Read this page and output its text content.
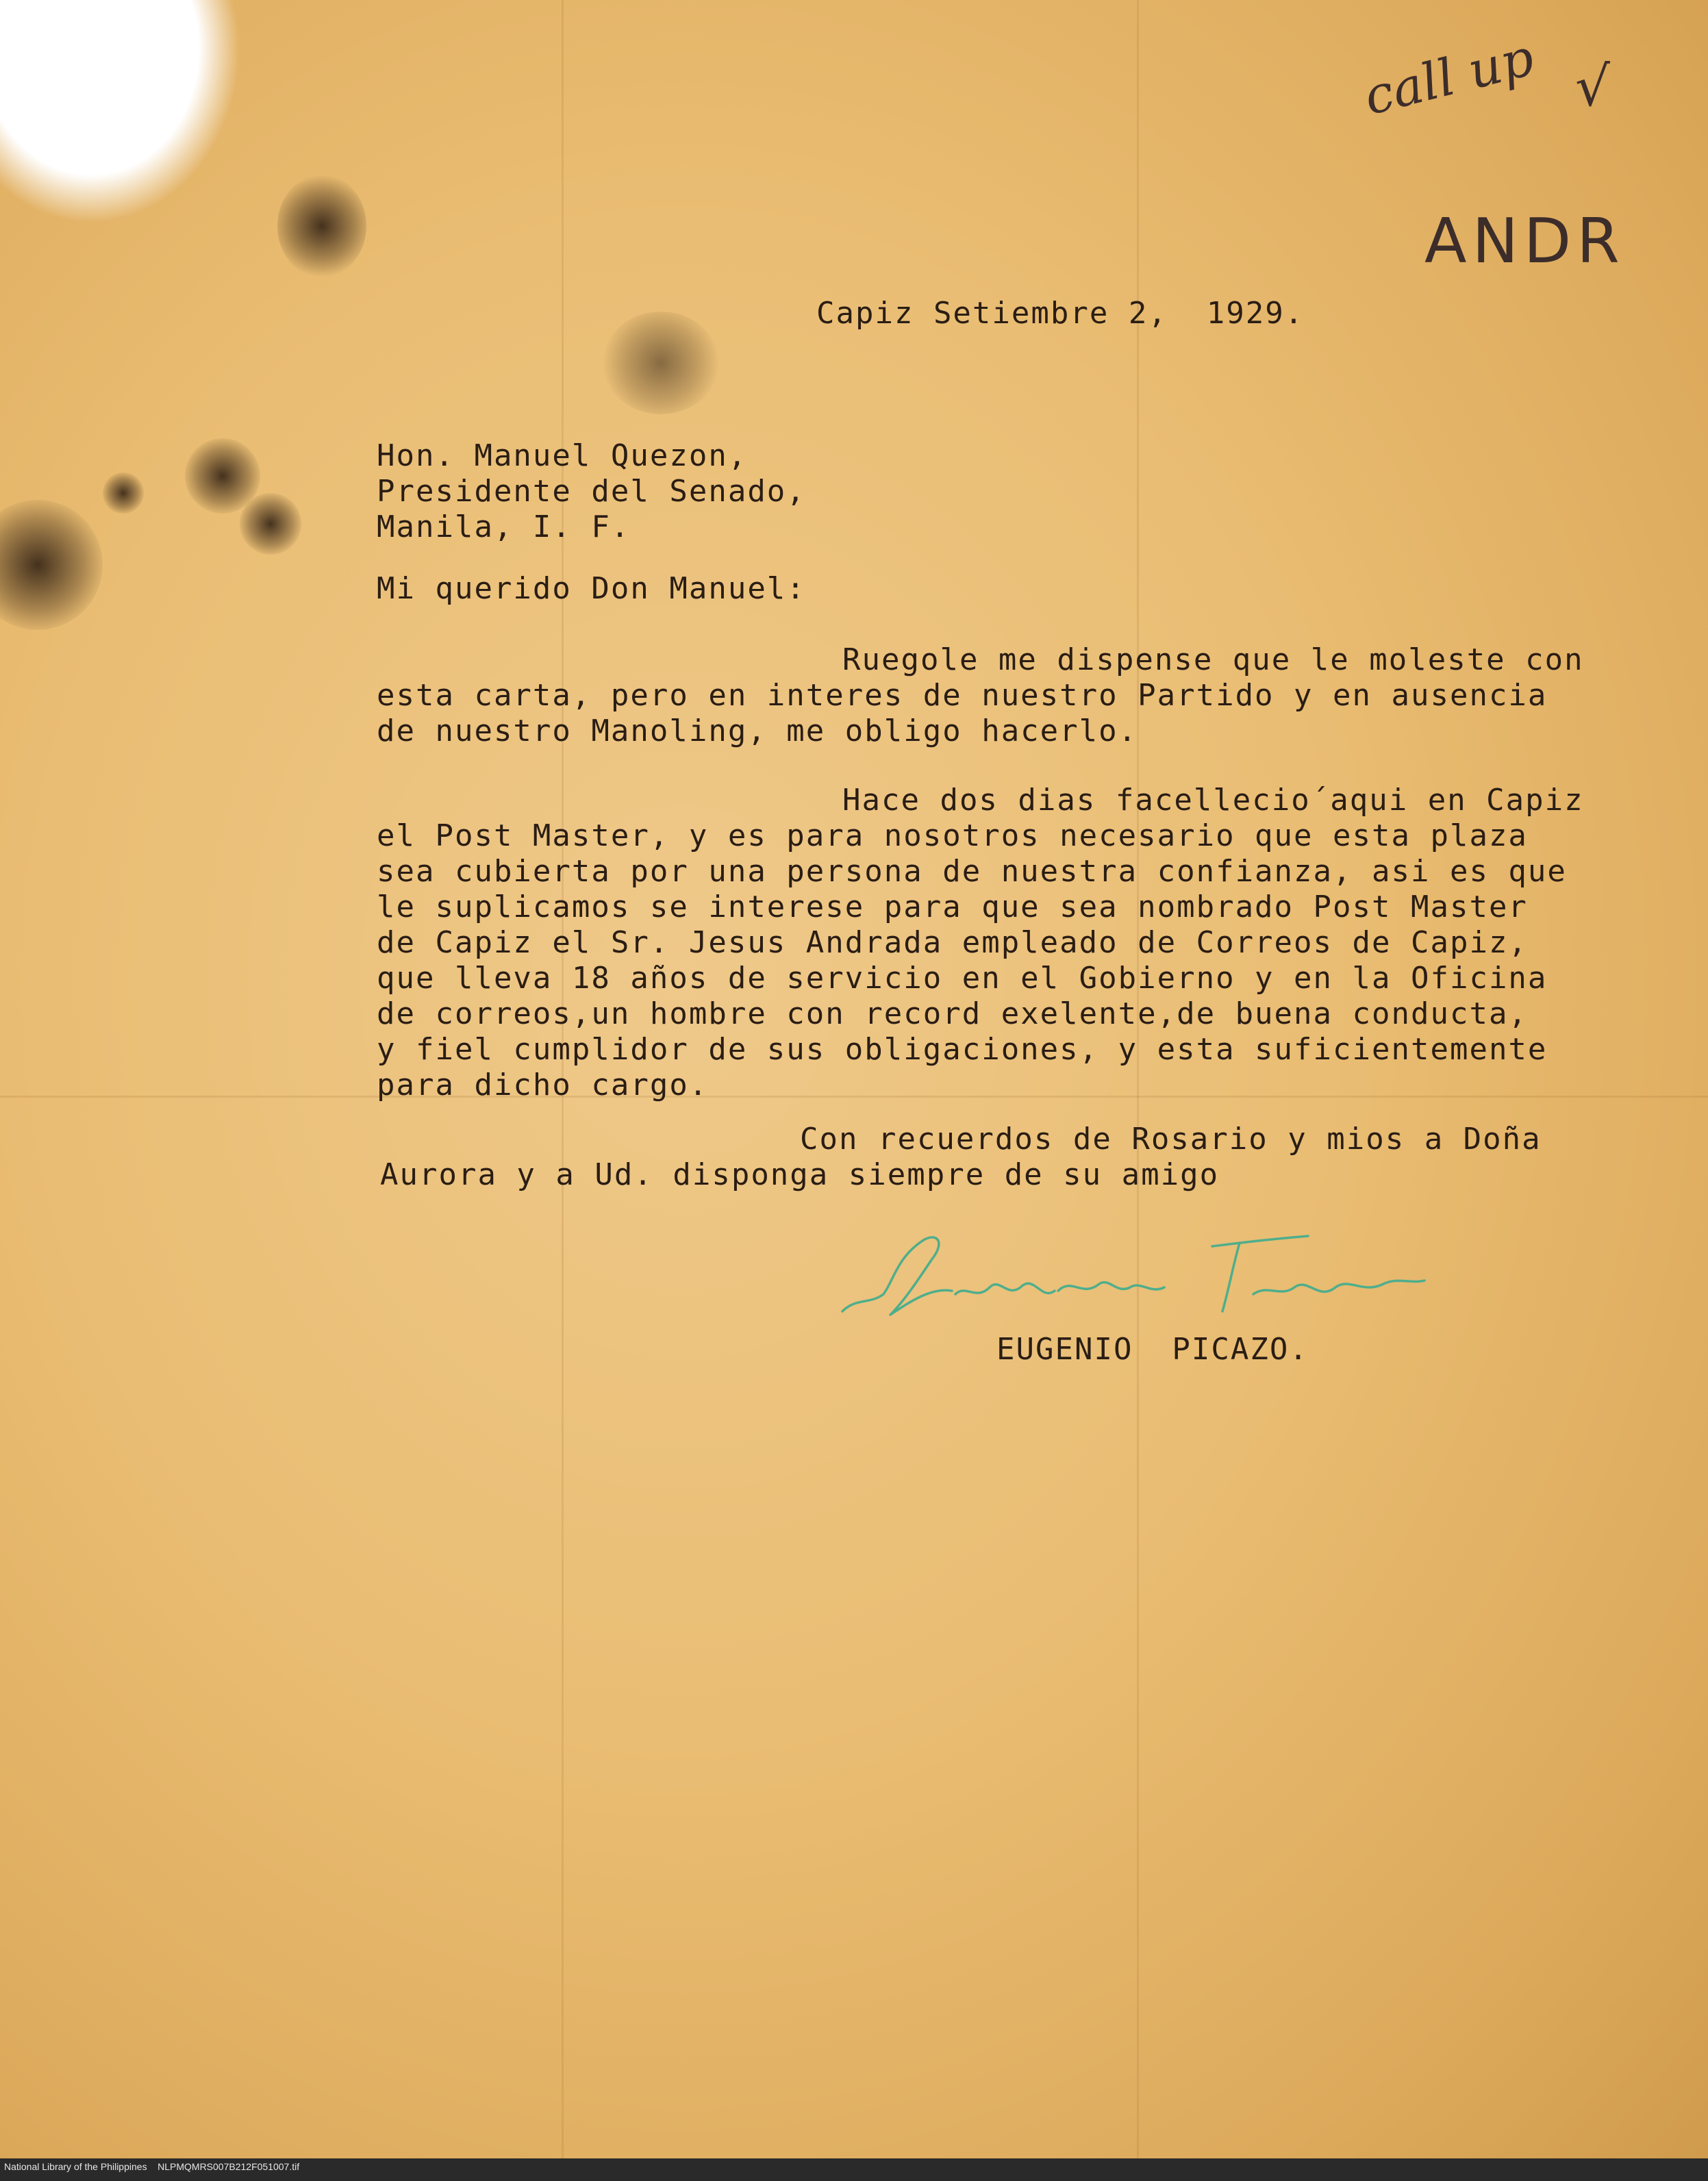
call up √
ANDR
Capiz Setiembre 2,  1929.
Hon. Manuel Quezon,
Presidente del Senado,
Manila, I. F.
Mi querido Don Manuel:
Ruegole me dispense que le moleste con
esta carta, pero en interes de nuestro Partido y en ausencia
de nuestro Manoling, me obligo hacerlo.
Hace dos dias facellecio´aqui en Capiz
el Post Master, y es para nosotros necesario que esta plaza
sea cubierta por una persona de nuestra confianza, asi es que
le suplicamos se interese para que sea nombrado Post Master
de Capiz el Sr. Jesus Andrada empleado de Correos de Capiz,
que lleva 18 años de servicio en el Gobierno y en la Oficina
de correos,un hombre con record exelente,de buena conducta,
y fiel cumplidor de sus obligaciones, y esta suficientemente
para dicho cargo.
Con recuerdos de Rosario y mios a Doña
Aurora y a Ud. disponga siempre de su amigo
EUGENIO  PICAZO.
National Library of the Philippines    NLPMQMRS007B212F051007.tif
